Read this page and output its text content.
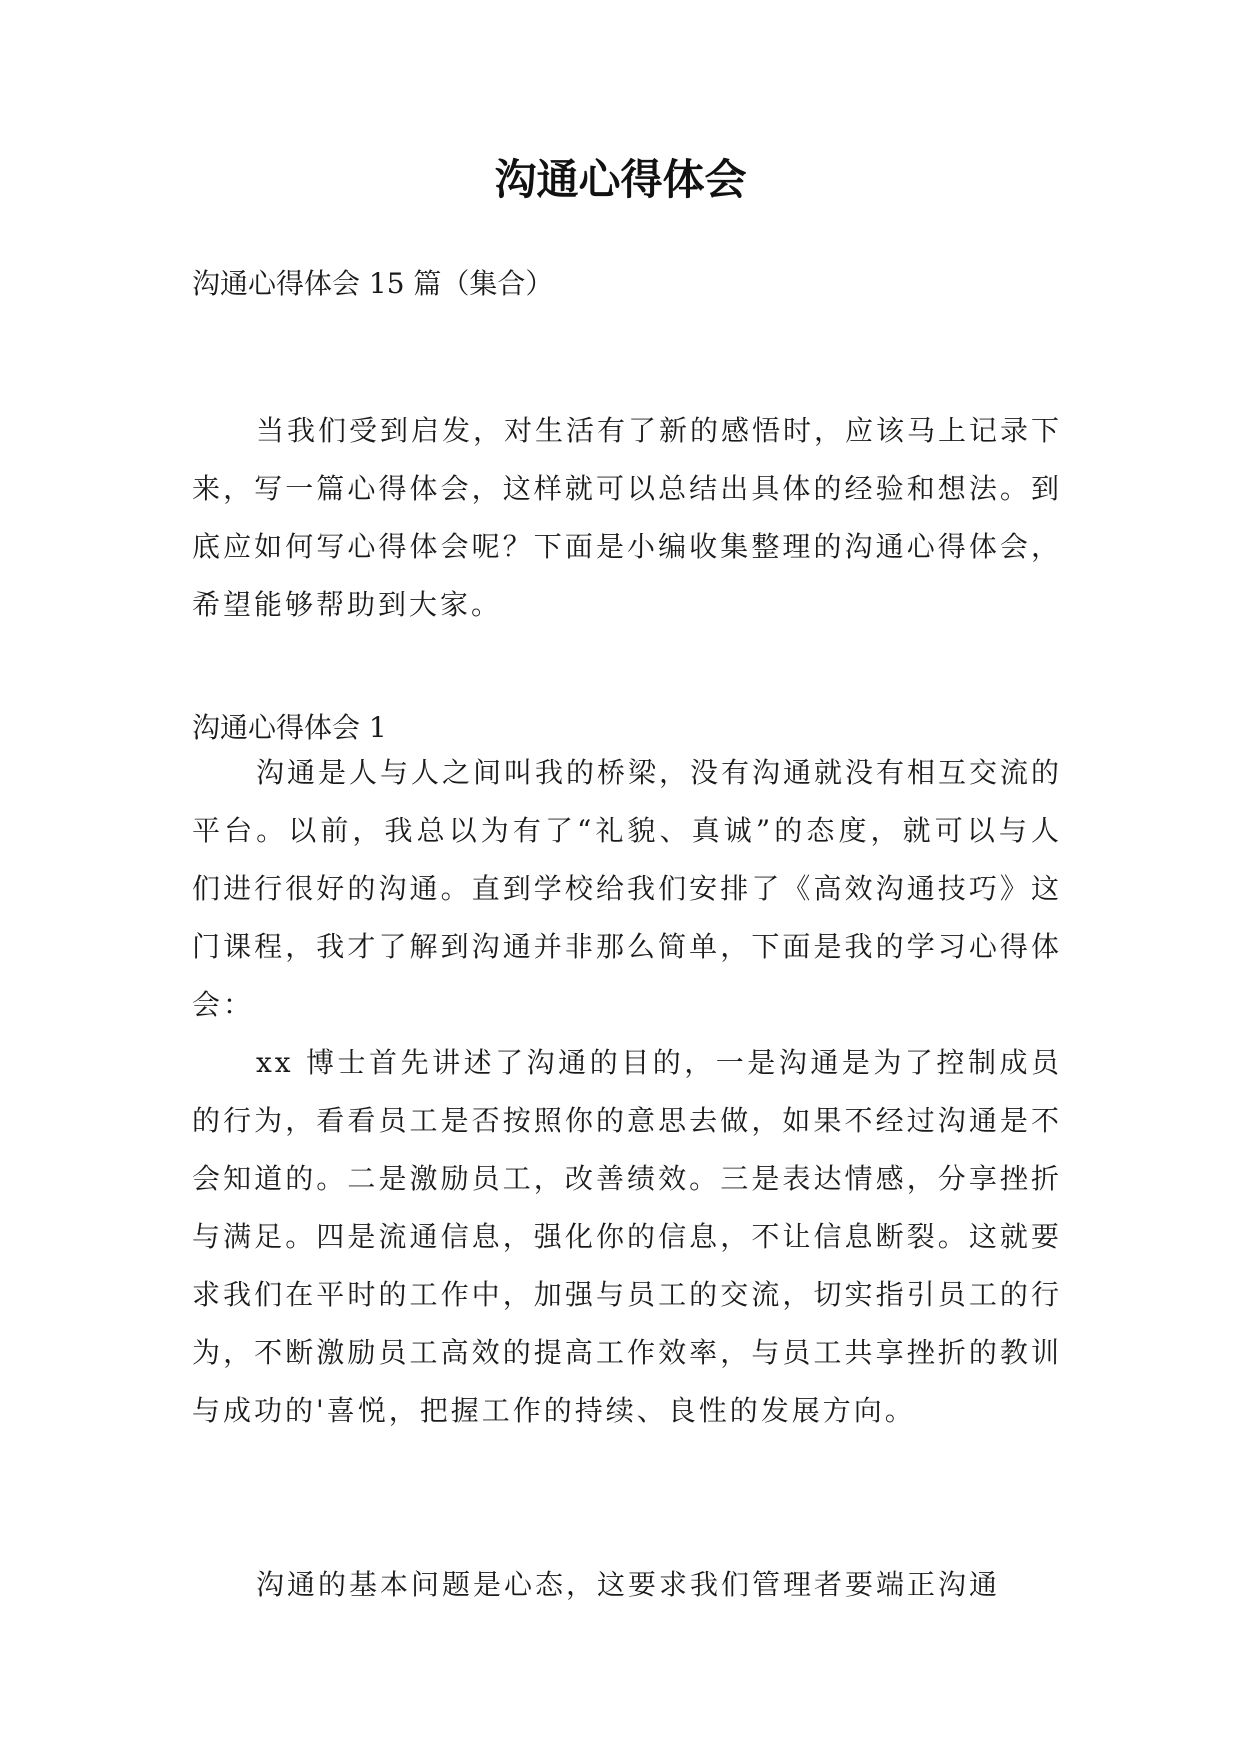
沟通心得体会

沟通心得体会 15 篇（集合）

当我们受到启发，对生活有了新的感悟时，应该马上记录下来，写一篇心得体会，这样就可以总结出具体的经验和想法。到底应如何写心得体会呢？下面是小编收集整理的沟通心得体会，希望能够帮助到大家。

沟通心得体会 1

沟通是人与人之间叫我的桥梁，没有沟通就没有相互交流的平台。以前，我总以为有了“礼貌、真诚”的态度，就可以与人们进行很好的沟通。直到学校给我们安排了《高效沟通技巧》这门课程，我才了解到沟通并非那么简单，下面是我的学习心得体会：

xx 博士首先讲述了沟通的目的，一是沟通是为了控制成员的行为，看看员工是否按照你的意思去做，如果不经过沟通是不会知道的。二是激励员工，改善绩效。三是表达情感，分享挫折与满足。四是流通信息，强化你的信息，不让信息断裂。这就要求我们在平时的工作中，加强与员工的交流，切实指引员工的行为，不断激励员工高效的提高工作效率，与员工共享挫折的教训与成功的'喜悦，把握工作的持续、良性的发展方向。

沟通的基本问题是心态，这要求我们管理者要端正沟通
